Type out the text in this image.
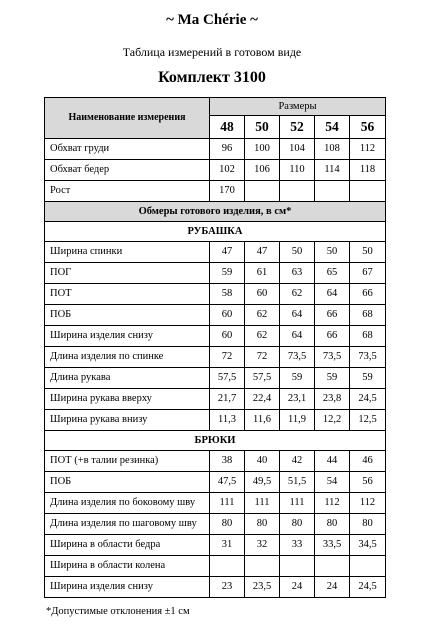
~ Ma Chérie ~
Таблица измерений в готовом виде
Комплект 3100
Наименование измерения	Размеры				
	48	50	52	54	56
Обхват груди	96	100	104	108	112
Обхват бедер	102	106	110	114	118
Рост	170				
Обмеры готового изделия, в см*					
РУБАШКА					
Ширина спинки	47	47	50	50	50
ПОГ	59	61	63	65	67
ПОТ	58	60	62	64	66
ПОБ	60	62	64	66	68
Ширина изделия снизу	60	62	64	66	68
Длина изделия по спинке	72	72	73,5	73,5	73,5
Длина рукава	57,5	57,5	59	59	59
Ширина рукава вверху	21,7	22,4	23,1	23,8	24,5
Ширина рукава внизу	11,3	11,6	11,9	12,2	12,5
БРЮКИ					
ПОТ (+в талии резинка)	38	40	42	44	46
ПОБ	47,5	49,5	51,5	54	56
Длина изделия по боковому шву	111	111	111	112	112
Длина изделия по шаговому шву	80	80	80	80	80
Ширина в области бедра	31	32	33	33,5	34,5
Ширина в области колена					
Ширина изделия снизу	23	23,5	24	24	24,5
*Допустимые отклонения ±1 см
